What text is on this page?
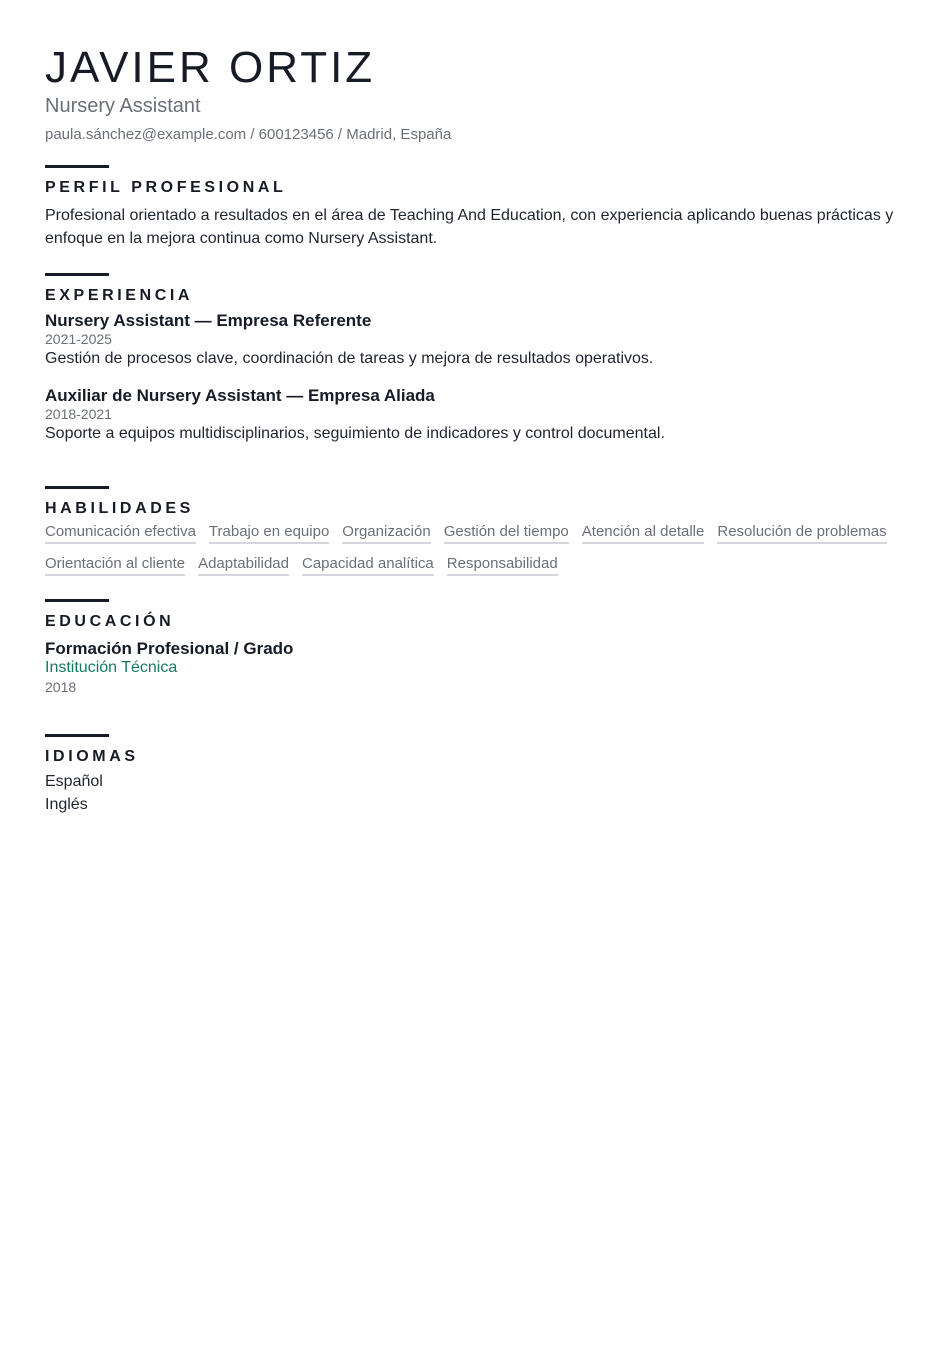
JAVIER ORTIZ
Nursery Assistant
paula.sánchez@example.com / 600123456 / Madrid, España
PERFIL PROFESIONAL
Profesional orientado a resultados en el área de Teaching And Education, con experiencia aplicando buenas prácticas y enfoque en la mejora continua como Nursery Assistant.
EXPERIENCIA
Nursery Assistant — Empresa Referente
2021-2025
Gestión de procesos clave, coordinación de tareas y mejora de resultados operativos.
Auxiliar de Nursery Assistant — Empresa Aliada
2018-2021
Soporte a equipos multidisciplinarios, seguimiento de indicadores y control documental.
HABILIDADES
Comunicación efectiva Trabajo en equipo Organización Gestión del tiempo Atención al detalle Resolución de problemas
Orientación al cliente Adaptabilidad Capacidad analítica Responsabilidad
EDUCACIÓN
Formación Profesional / Grado
Institución Técnica
2018
IDIOMAS
Español
Inglés
